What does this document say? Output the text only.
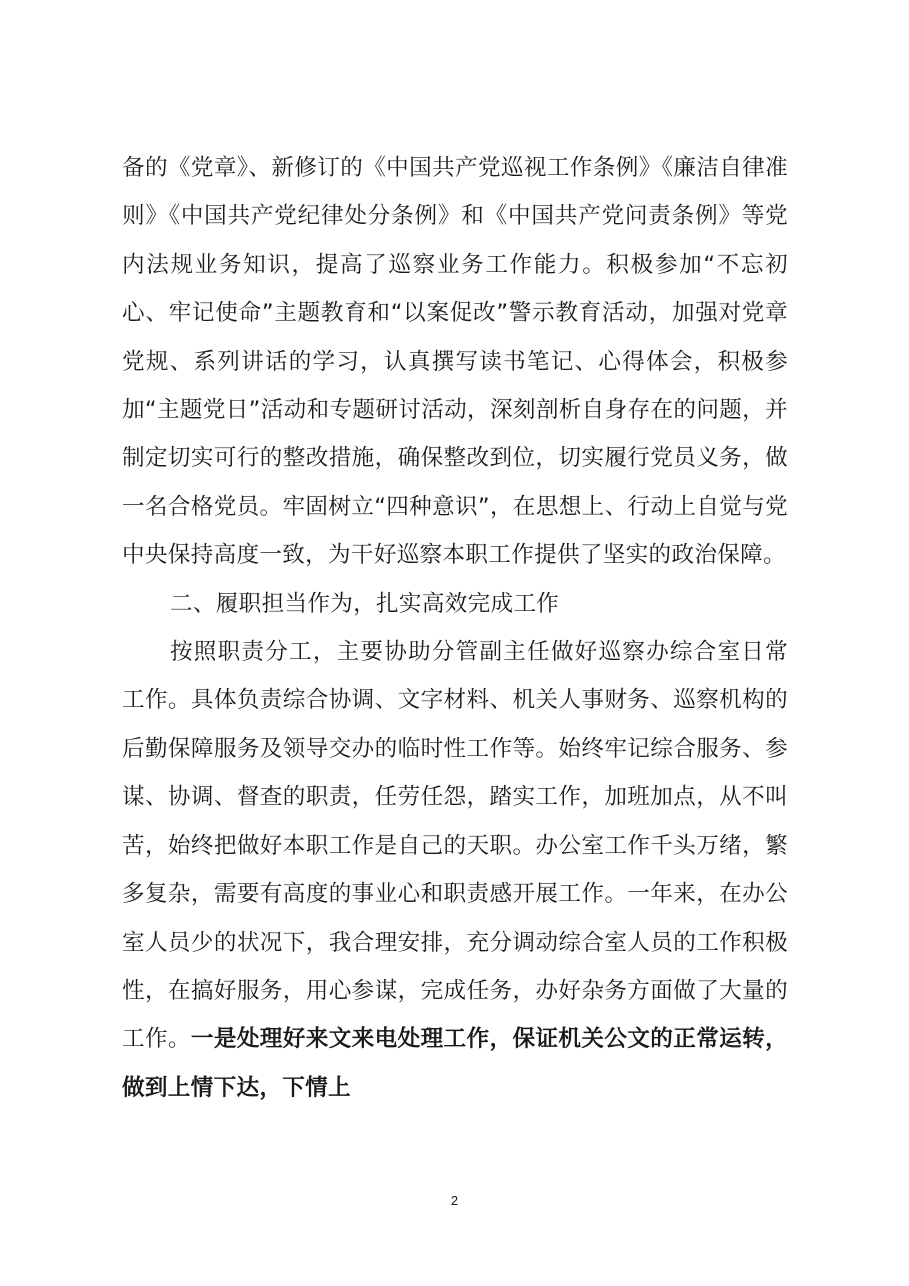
备的《党章》、新修订的《中国共产党巡视工作条例》《廉洁自律准则》《中国共产党纪律处分条例》和《中国共产党问责条例》等党内法规业务知识，提高了巡察业务工作能力。积极参加“不忘初心、牢记使命”主题教育和“以案促改”警示教育活动，加强对党章党规、系列讲话的学习，认真撰写读书笔记、心得体会，积极参加“主题党日”活动和专题研讨活动，深刻剖析自身存在的问题，并制定切实可行的整改措施，确保整改到位，切实履行党员义务，做一名合格党员。牢固树立“四种意识”，在思想上、行动上自觉与党中央保持高度一致，为干好巡察本职工作提供了坚实的政治保障。

二、履职担当作为，扎实高效完成工作

按照职责分工，主要协助分管副主任做好巡察办综合室日常工作。具体负责综合协调、文字材料、机关人事财务、巡察机构的后勤保障服务及领导交办的临时性工作等。始终牢记综合服务、参谋、协调、督查的职责，任劳任怨，踏实工作，加班加点，从不叫苦，始终把做好本职工作是自己的天职。办公室工作千头万绪，繁多复杂，需要有高度的事业心和职责感开展工作。一年来，在办公室人员少的状况下，我合理安排，充分调动综合室人员的工作积极性，在搞好服务，用心参谋，完成任务，办好杂务方面做了大量的工作。一是处理好来文来电处理工作，保证机关公文的正常运转，做到上情下达，下情上

2
